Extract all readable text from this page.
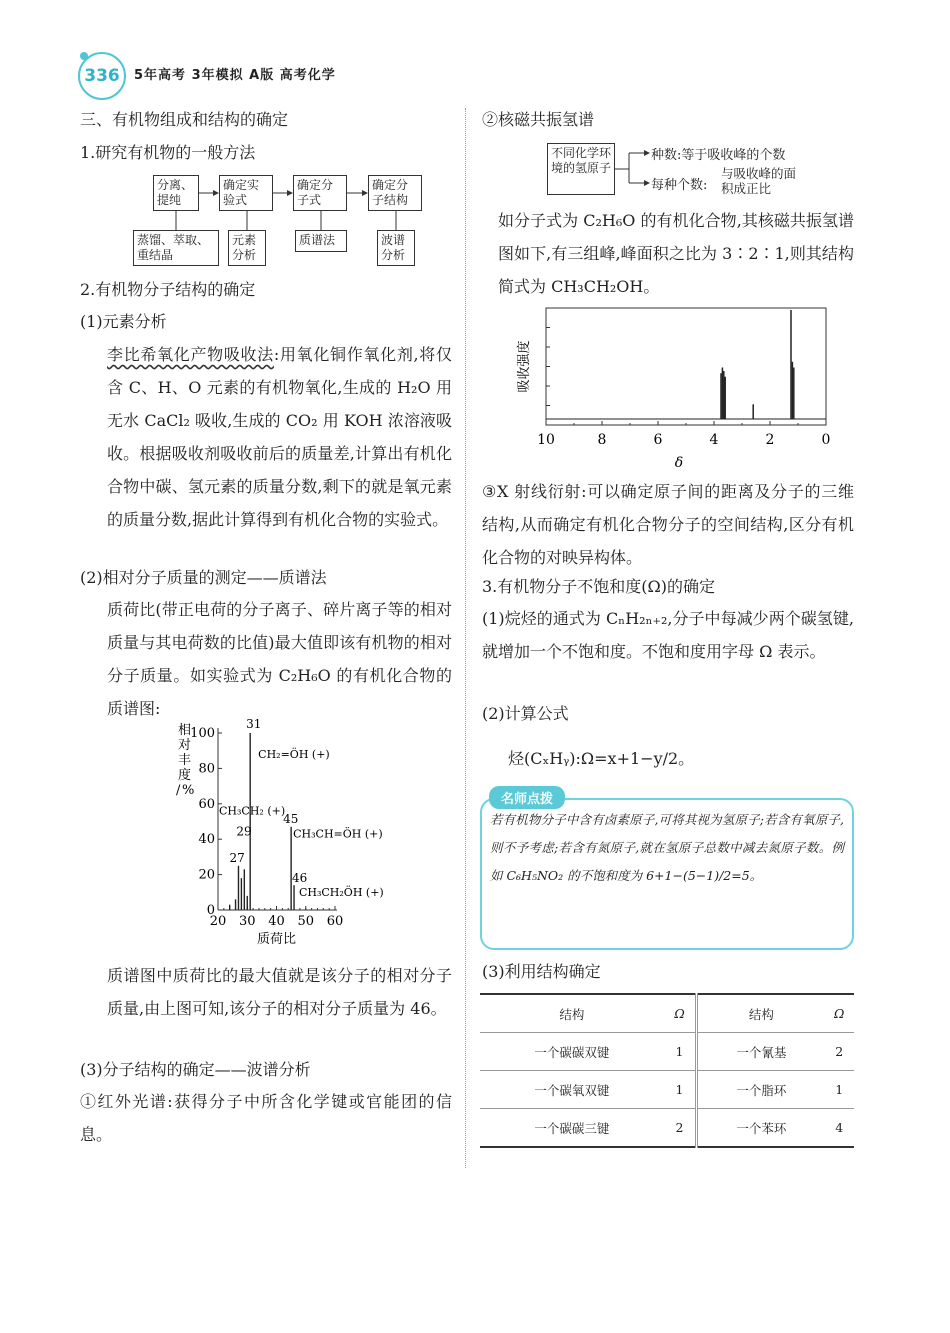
336	5年高考 3年模拟 A版 高考化学
三、有机物组成和结构的确定
1.研究有机物的一般方法
分离、提纯
确定实验式
确定分子式
确定分子结构
蒸馏、萃取、重结晶
元素分析
质谱法	波谱分析
2.有机物分子结构的确定
(1)元素分析
李比希氧化产物吸收法:用氧化铜作氧化剂,将仅含 C、H、O 元素的有机物氧化,生成的 H₂O 用无水 CaCl₂ 吸收,生成的 CO₂ 用 KOH 浓溶液吸收。根据吸收剂吸收前后的质量差,计算出有机化合物中碳、氢元素的质量分数,剩下的就是氧元素的质量分数,据此计算得到有机化合物的实验式。
(2)相对分子质量的测定——质谱法
质荷比(带正电荷的分子离子、碎片离子等的相对质量与其电荷数的比值)最大值即该有机物的相对分子质量。如实验式为 C₂H₆O 的有机化合物的质谱图:
0
20
40
60
80
100
20 30 40 50 60
质荷比
相对丰度/ %
31
29
27
45
46
CH₂=ÖH (+)
CH₃CH₂ (+)
CH₃CH=ÖH (+)
CH₃CH₂ÖH (+)
质谱图中质荷比的最大值就是该分子的相对分子质量,由上图可知,该分子的相对分子质量为 46。
(3)分子结构的确定——波谱分析
①红外光谱:获得分子中所含化学键或官能团的信息。
②核磁共振氢谱
不同化学环境的氢原子
种数:等于吸收峰的个数
每种个数:
与吸收峰的面积成正比
如分子式为 C₂H₆O 的有机化合物,其核磁共振氢谱图如下,有三组峰,峰面积之比为 3∶2∶1,则其结构简式为 CH₃CH₂OH。
10	8	6	4	2	0
δ
吸收强度
③X 射线衍射:可以确定原子间的距离及分子的三维结构,从而确定有机化合物分子的空间结构,区分有机化合物的对映异构体。
3.有机物分子不饱和度(Ω)的确定
(1)烷烃的通式为 CₙH₂ₙ₊₂,分子中每减少两个碳氢键,就增加一个不饱和度。不饱和度用字母 Ω 表示。
(2)计算公式
烃(CₓHᵧ):Ω=x+1−y/2。
名师点拨
若有机物分子中含有卤素原子,可将其视为氢原子;若含有氧原子,则不予考虑;若含有氮原子,就在氢原子总数中减去氮原子数。例如 C₆H₅NO₂ 的不饱和度为 6+1−(5−1)/2=5。
(3)利用结构确定
结构	Ω	结构	Ω
一个碳碳双键	1	一个氰基	2
一个碳氧双键	1	一个脂环	1
一个碳碳三键	2	一个苯环	4
